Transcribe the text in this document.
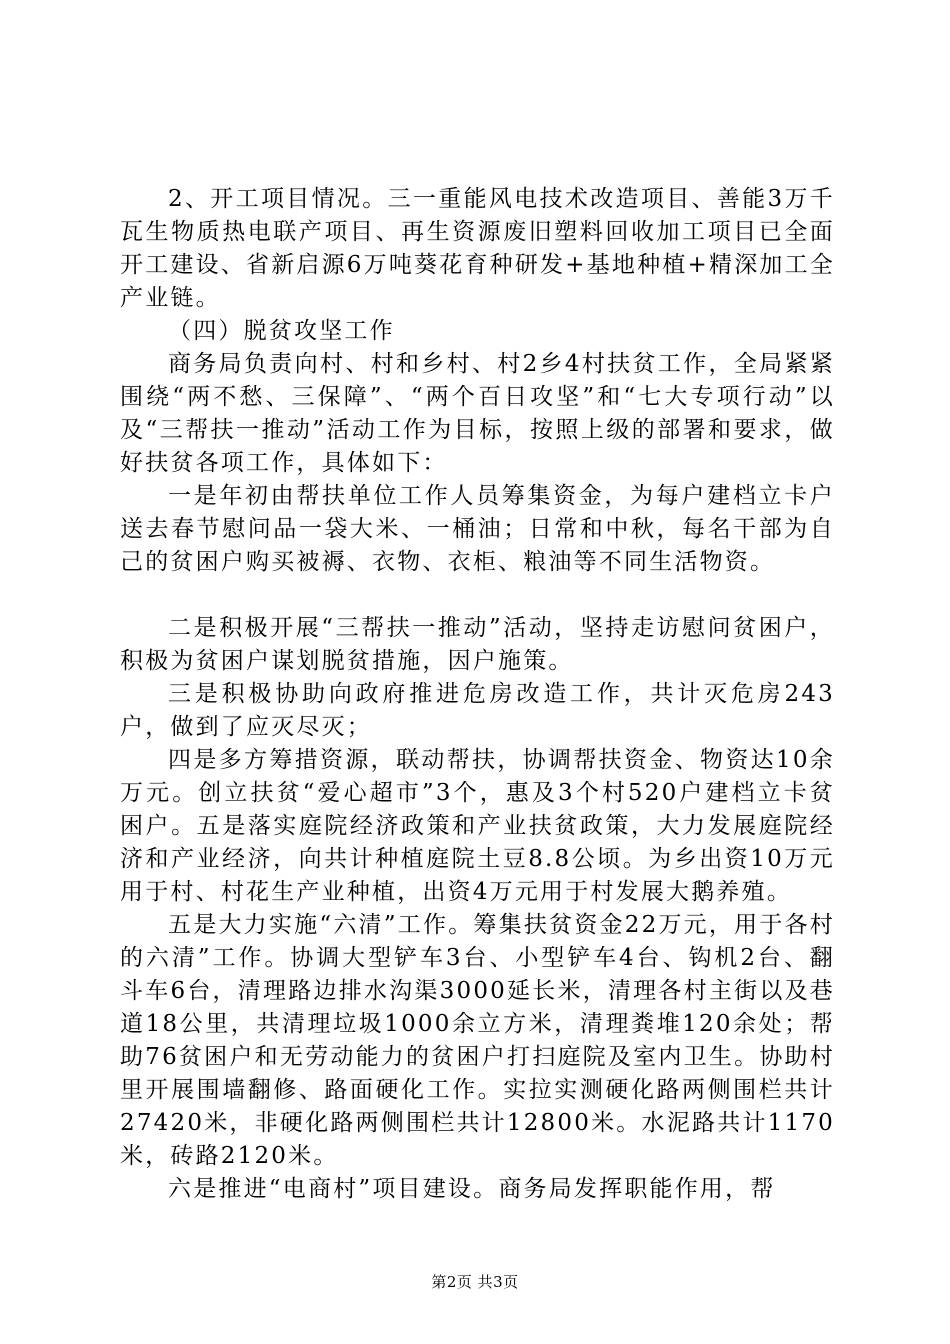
2、开工项目情况。三一重能风电技术改造项目、善能3万千瓦生物质热电联产项目、再生资源废旧塑料回收加工项目已全面开工建设、省新启源6万吨葵花育种研发+基地种植+精深加工全产业链。

（四）脱贫攻坚工作

商务局负责向村、村和乡村、村2乡4村扶贫工作，全局紧紧围绕“两不愁、三保障”、“两个百日攻坚”和“七大专项行动”以及“三帮扶一推动”活动工作为目标，按照上级的部署和要求，做好扶贫各项工作，具体如下：

一是年初由帮扶单位工作人员筹集资金，为每户建档立卡户送去春节慰问品一袋大米、一桶油；日常和中秋，每名干部为自己的贫困户购买被褥、衣物、衣柜、粮油等不同生活物资。

二是积极开展“三帮扶一推动”活动，坚持走访慰问贫困户，积极为贫困户谋划脱贫措施，因户施策。

三是积极协助向政府推进危房改造工作，共计灭危房243户，做到了应灭尽灭；

四是多方筹措资源，联动帮扶，协调帮扶资金、物资达10余万元。创立扶贫“爱心超市”3个，惠及3个村520户建档立卡贫困户。五是落实庭院经济政策和产业扶贫政策，大力发展庭院经济和产业经济，向共计种植庭院土豆8.8公顷。为乡出资10万元用于村、村花生产业种植，出资4万元用于村发展大鹅养殖。

五是大力实施“六清”工作。筹集扶贫资金22万元，用于各村的六清”工作。协调大型铲车3台、小型铲车4台、钩机2台、翻斗车6台，清理路边排水沟渠3000延长米，清理各村主街以及巷道18公里，共清理垃圾1000余立方米，清理粪堆120余处；帮助76贫困户和无劳动能力的贫困户打扫庭院及室内卫生。协助村里开展围墙翻修、路面硬化工作。实拉实测硬化路两侧围栏共计27420米，非硬化路两侧围栏共计12800米。水泥路共计1170米，砖路2120米。

六是推进“电商村”项目建设。商务局发挥职能作用，帮

第2页 共3页
